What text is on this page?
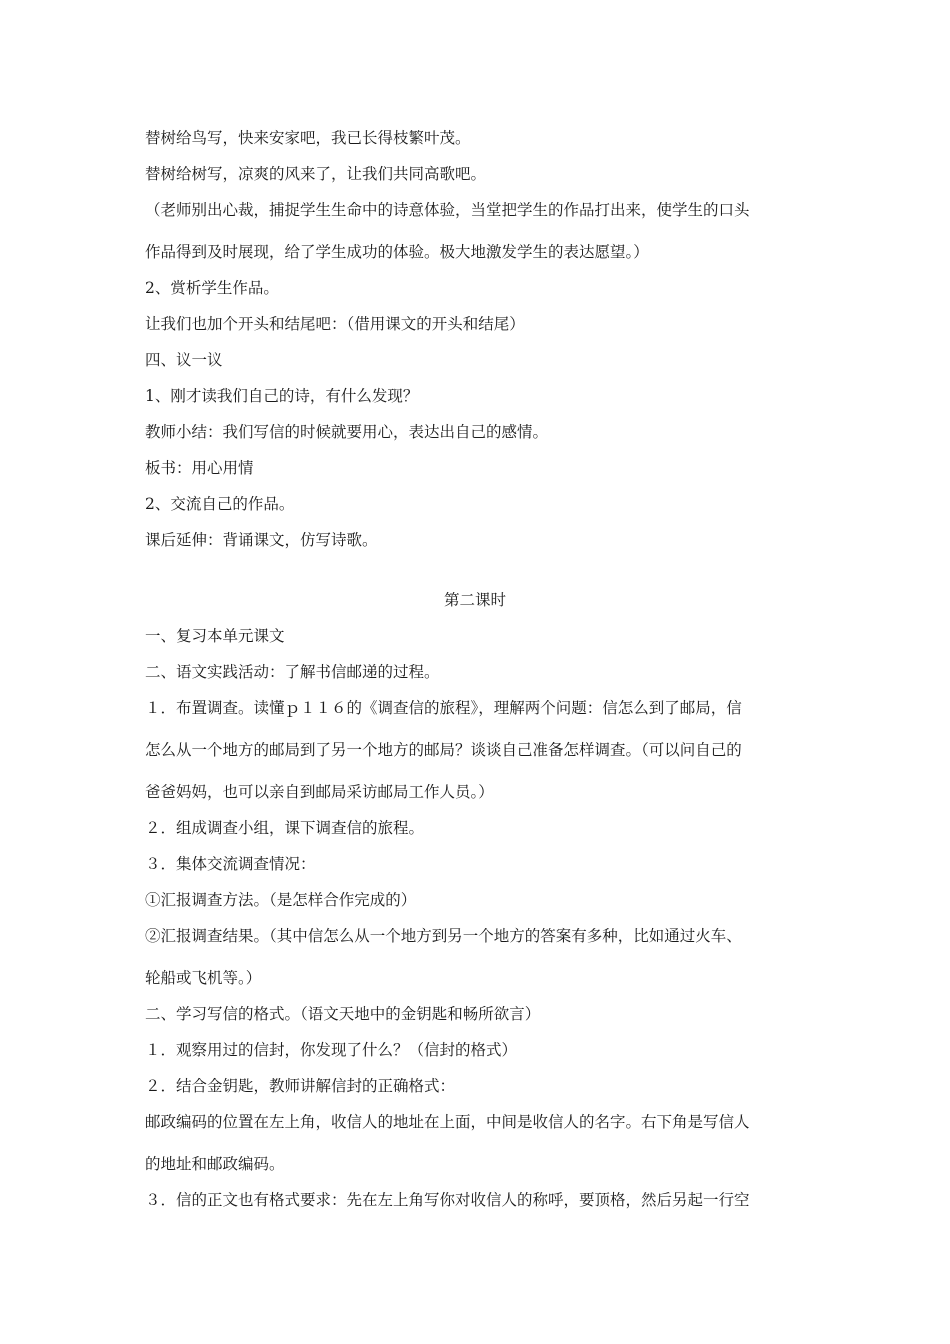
替树给鸟写，快来安家吧，我已长得枝繁叶茂。
替树给树写，凉爽的风来了，让我们共同高歌吧。
（老师别出心裁，捕捉学生生命中的诗意体验，当堂把学生的作品打出来，使学生的口头
作品得到及时展现，给了学生成功的体验。极大地激发学生的表达愿望。）
2、赏析学生作品。
让我们也加个开头和结尾吧：（借用课文的开头和结尾）
四、议一议
1、刚才读我们自己的诗，有什么发现？
教师小结：我们写信的时候就要用心，表达出自己的感情。
板书：用心用情
2、交流自己的作品。
课后延伸：背诵课文，仿写诗歌。
第二课时
一、复习本单元课文
二、语文实践活动：了解书信邮递的过程。
１．布置调查。读懂ｐ１１６的《调查信的旅程》，理解两个问题：信怎么到了邮局，信
怎么从一个地方的邮局到了另一个地方的邮局？谈谈自己准备怎样调查。（可以问自己的
爸爸妈妈，也可以亲自到邮局采访邮局工作人员。）
２．组成调查小组，课下调查信的旅程。
３．集体交流调查情况：
①汇报调查方法。（是怎样合作完成的）
②汇报调查结果。（其中信怎么从一个地方到另一个地方的答案有多种，比如通过火车、
轮船或飞机等。）
二、学习写信的格式。（语文天地中的金钥匙和畅所欲言）
１．观察用过的信封，你发现了什么？（信封的格式）
２．结合金钥匙，教师讲解信封的正确格式：
邮政编码的位置在左上角，收信人的地址在上面，中间是收信人的名字。右下角是写信人
的地址和邮政编码。
３．信的正文也有格式要求：先在左上角写你对收信人的称呼，要顶格，然后另起一行空
